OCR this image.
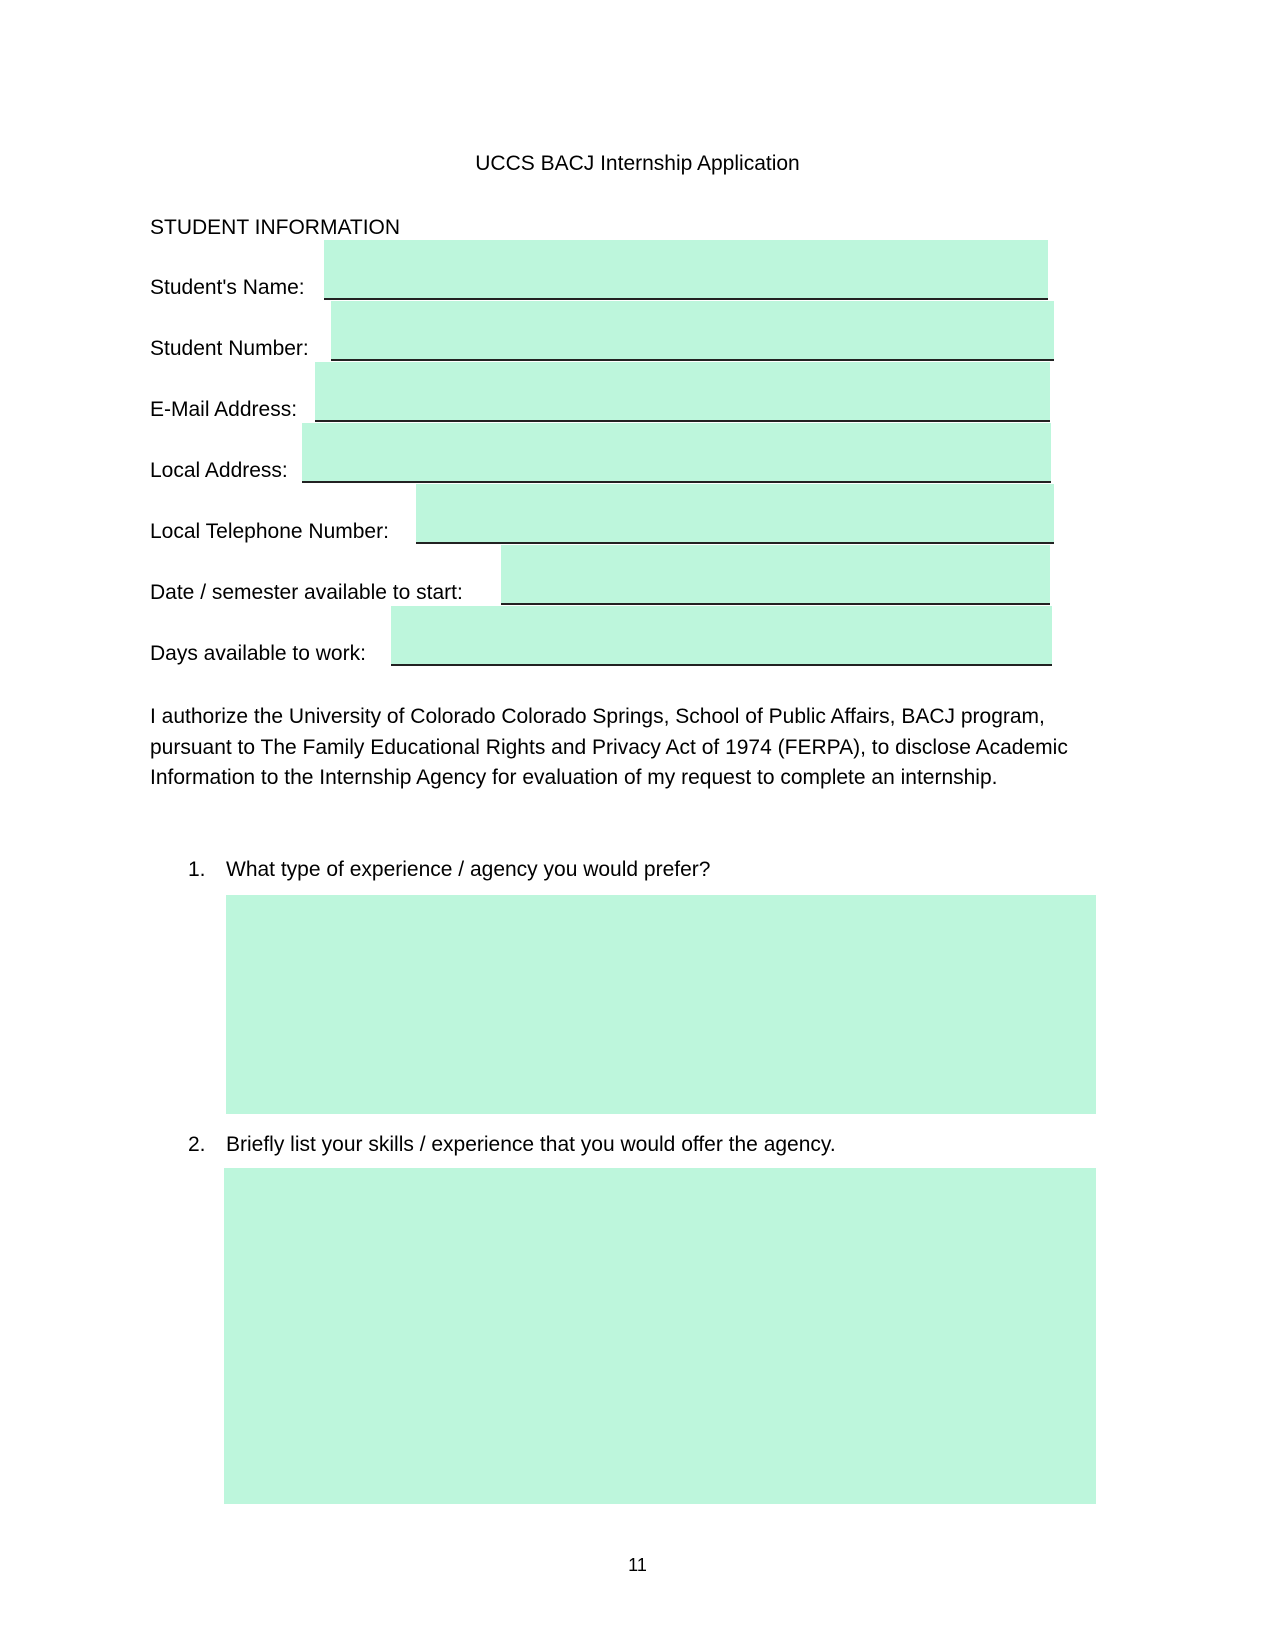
UCCS BACJ Internship Application
STUDENT INFORMATION
Student's Name:
Student Number:
E-Mail Address:
Local Address:
Local Telephone Number:
Date / semester available to start:
Days available to work:
I authorize the University of Colorado Colorado Springs, School of Public Affairs, BACJ program, pursuant to The Family Educational Rights and Privacy Act of 1974 (FERPA), to disclose Academic Information to the Internship Agency for evaluation of my request to complete an internship.
1. What type of experience / agency you would prefer?
2. Briefly list your skills / experience that you would offer the agency.
11
